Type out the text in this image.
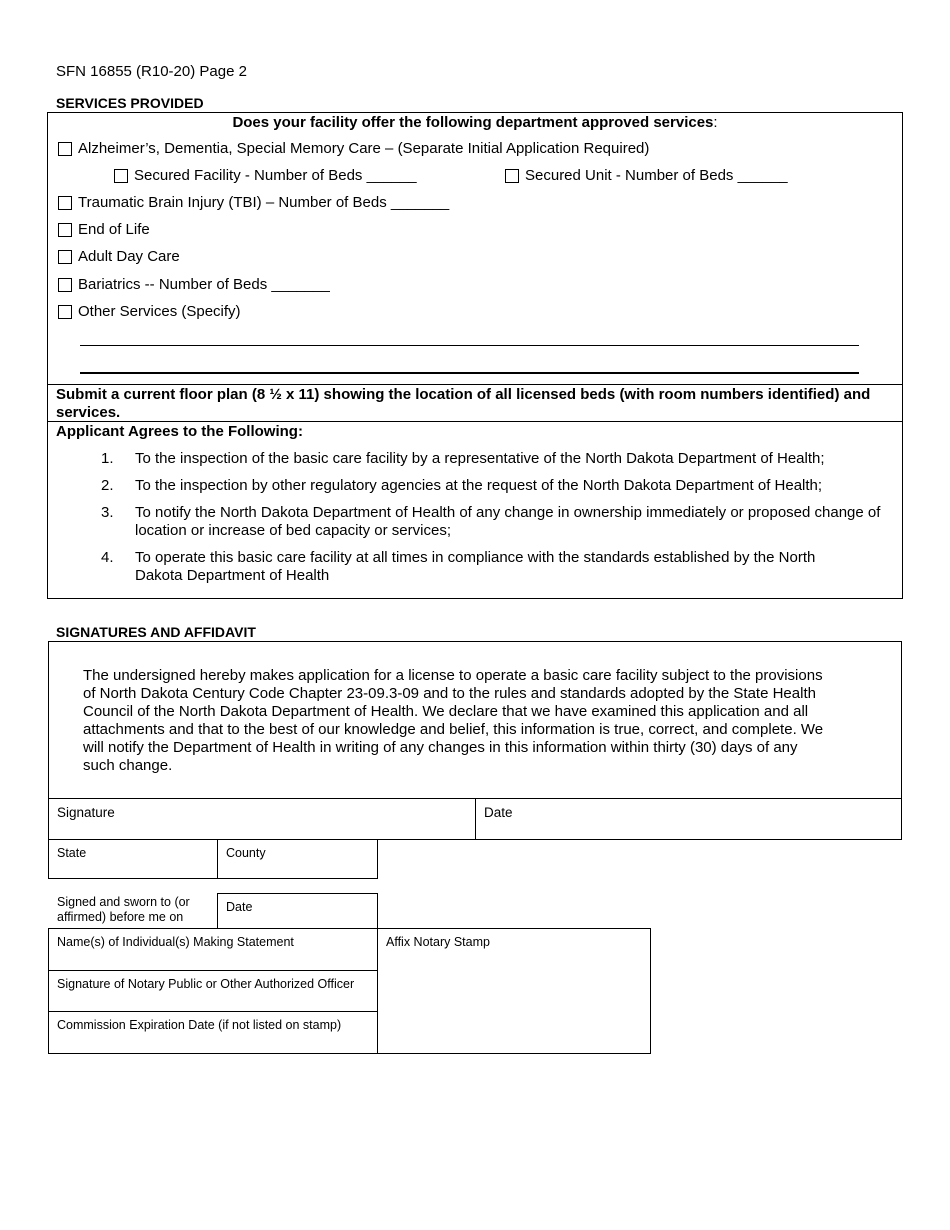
SFN 16855 (R10-20) Page 2
SERVICES PROVIDED
Does your facility offer the following department approved services:
Alzheimer’s, Dementia, Special Memory Care – (Separate Initial Application Required)
Secured Facility - Number of Beds ______	Secured Unit - Number of Beds ______
Traumatic Brain Injury (TBI) – Number of Beds _______
End of Life
Adult Day Care
Bariatrics -- Number of Beds _______
Other Services (Specify)
Submit a current floor plan (8 ½ x 11) showing the location of all licensed beds (with room numbers identified) and services.
Applicant Agrees to the Following:
1. To the inspection of the basic care facility by a representative of the North Dakota Department of Health;
2. To the inspection by other regulatory agencies at the request of the North Dakota Department of Health;
3. To notify the North Dakota Department of Health of any change in ownership immediately or proposed change of location or increase of bed capacity or services;
4. To operate this basic care facility at all times in compliance with the standards established by the North Dakota Department of Health
SIGNATURES AND AFFIDAVIT
The undersigned hereby makes application for a license to operate a basic care facility subject to the provisions of North Dakota Century Code Chapter 23-09.3-09 and to the rules and standards adopted by the State Health Council of the North Dakota Department of Health. We declare that we have examined this application and all attachments and that to the best of our knowledge and belief, this information is true, correct, and complete. We will notify the Department of Health in writing of any changes in this information within thirty (30) days of any such change.
Signature	Date
State	County
Signed and sworn to (or affirmed) before me on
Date
Name(s) of Individual(s) Making Statement
Signature of Notary Public or Other Authorized Officer
Commission Expiration Date (if not listed on stamp)
Affix Notary Stamp
